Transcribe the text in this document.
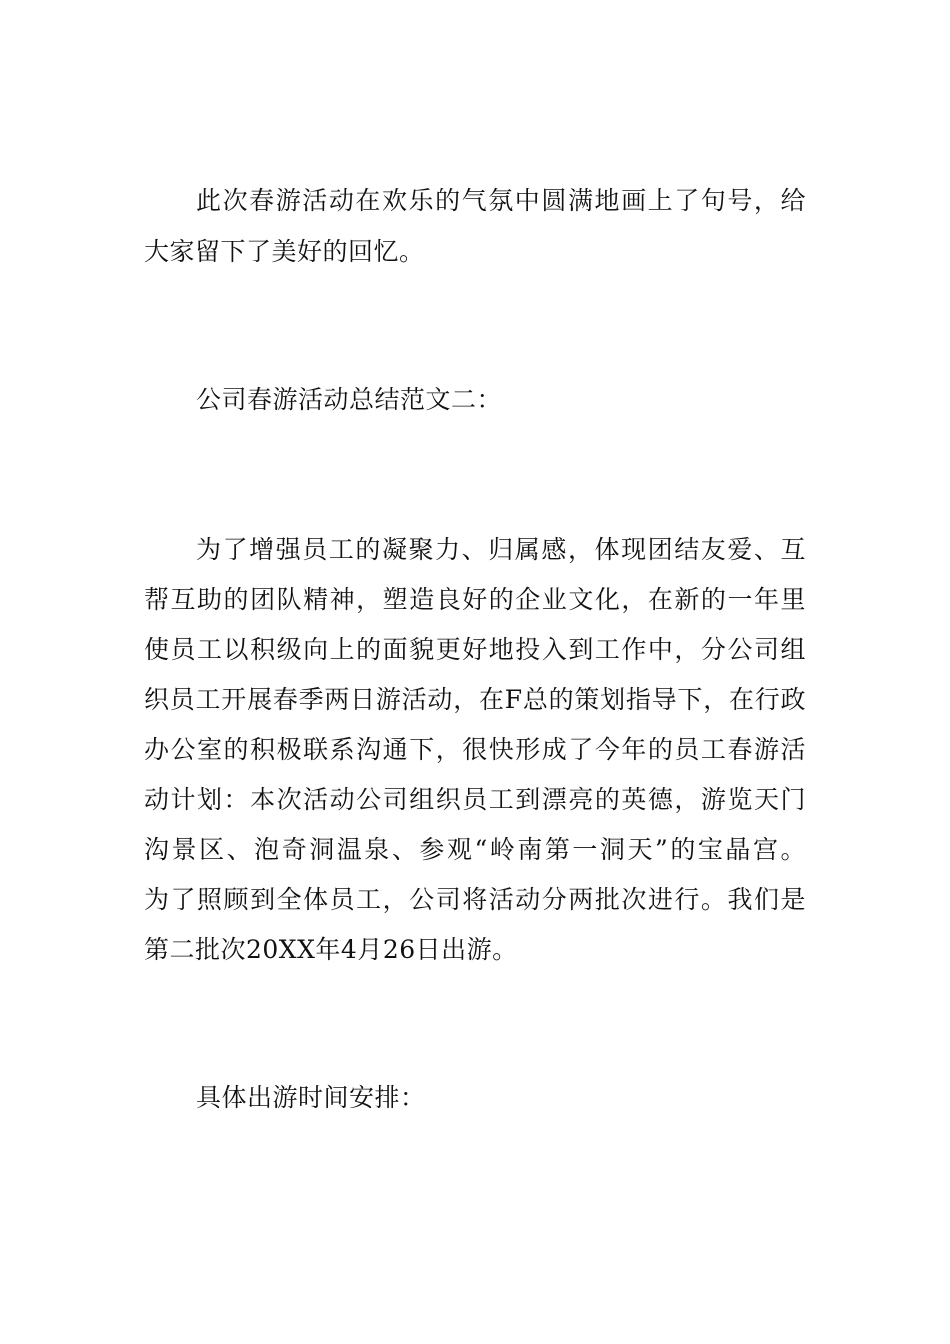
此次春游活动在欢乐的气氛中圆满地画上了句号，给
大家留下了美好的回忆。
公司春游活动总结范文二：
为了增强员工的凝聚力、归属感，体现团结友爱、互
帮互助的团队精神，塑造良好的企业文化，在新的一年里
使员工以积级向上的面貌更好地投入到工作中，分公司组
织员工开展春季两日游活动，在F总的策划指导下，在行政
办公室的积极联系沟通下，很快形成了今年的员工春游活
动计划：本次活动公司组织员工到漂亮的英德，游览天门
沟景区、泡奇洞温泉、参观“岭南第一洞天”的宝晶宫。
为了照顾到全体员工，公司将活动分两批次进行。我们是
第二批次20XX年4月26日出游。
具体出游时间安排：
